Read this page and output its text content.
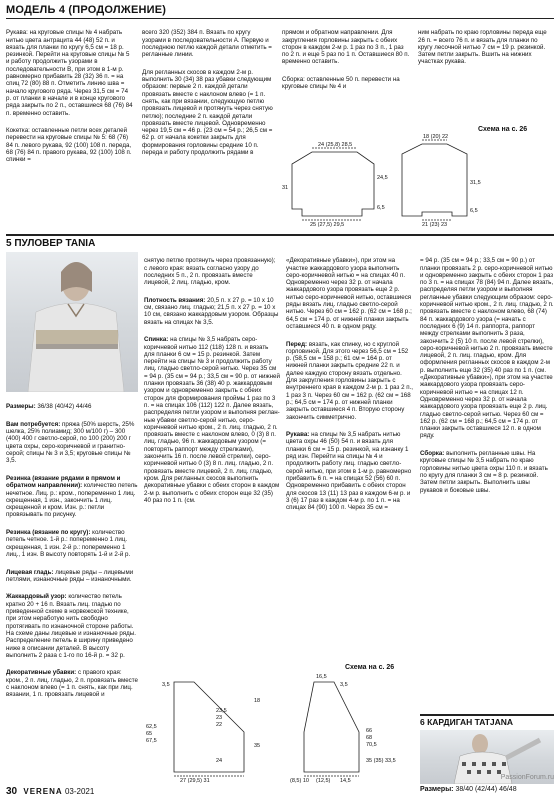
МОДЕЛЬ 4 (ПРОДОЛЖЕНИЕ)

Рукава: на круговые спицы № 4 набрать нитью цвета антрацита 44 (48) 52 п. и вязать для планки по кругу 6,5 см = 18 р. резинкой. Перейти на круговые спицы № 5 и работу продолжить узорами в последовательности В, при этом в 1-м р. равномерно прибавить 28 (32) 36 п. = на спиц 72 (80) 88 п. Отметить линию шва = начало кругового ряда. Через 31,5 см = 74 р. от планки в начале и в конце кругового ряда закрыть по 2 п., оставшиеся 68 (76) 84 п. временно оставить.

Кокетка: оставленные петли всех деталей перевести на круговые спицы № 5: 68 (76) 84 п. левого рукава, 92 (100) 108 п. переда, 68 (76) 84 п. правого рукава, 92 (100) 108 п. спинки =

всего 320 (352) 384 п. Вязать по кругу узорами в последовательности А. Первую и последнюю петлю каждой детали отметить = регланные линии.

Для регланных скосов в каждом 2-м р. выполнить 30 (34) 38 раз убавки следующим образом: первые 2 п. каждой детали провязать вместе с наклоном влево (= 1 п. снять, как при вязании, следующую петлю провязать лицевой и протянуть через снятую петлю); последние 2 п. каждой детали провязать вместе лицевой. Одновременно через 19,5 см = 46 р. (23 см = 54 р.; 26,5 см = 62 р. от начала кокетки закрыть для формирования горловины средние 10 п. переда и работу продолжить рядами в

прямом и обратном направлении. Для закругления горловины закрыть с обеих сторон в каждом 2-м р. 1 раз по 3 п., 1 раз по 2 п. и еще 5 раз по 1 п. Оставшиеся 80 п. временно оставить.

Сборка: оставленные 50 п. перевести на круговые спицы № 4 и

ним набрать по краю горловины переда еще 26 п. = всего 76 п. и вязать для планки по кругу лесочной нитью 7 см = 19 р. резинкой. Затем петли закрыть. Вшить на нижних участках рукава.

Схема на с. 26
24 (25,8) 28,5
31
24,5
6,5
25 (27,5) 29,5
18 (20) 22
31,5
6,5
21 (23) 23
5 ПУЛОВЕР TANIA

Размеры: 36/38 (40/42) 44/46

Вам потребуется: пряжа (50% шерсть, 25% шелка, 25% полиамид; 300 м/100 г) – 300 (400) 400 г светло-серой, по 100 (200) 200 г цвета охры, серо-коричневой и гранитно-серой; спицы № 3 и 3,5; круговые спицы № 3,5.

Резинка (вязание рядами в прямом и обратном направлении): количество петель нечетное. Лиц. р.: кром., попеременно 1 лиц. скрещенная, 1 изн., закончить 1 лиц. скрещенной и кром. Изн. р.: петли провязывать по рисунку.

Резинка (вязание по кругу): количество петель четное. 1-й р.: попеременно 1 лиц. скрещенная, 1 изн. 2-й р.: попеременно 1 лиц., 1 изн. В высоту повторять 1-й и 2-й р.

Лицевая гладь: лицевые ряды – лицевыми петлями, изнаночные ряды – изнаночными.

Жаккардовый узор: количество петель кратно 20 + 16 п. Вязать лиц. гладью по приведенной схеме в норвежской технике, при этом неработую нить свободно протягивать по изнаночной стороне работы. На схеме даны лицевые и изнаночные ряды. Распределение петель в ширину приведено ниже в описании деталей. В высоту выполнить 2 раза с 1-го по 16-й р. = 32 р.

Декоративные убавки: с правого края: кром., 2 п. лиц. гладью, 2 п. провязать вместе с наклоном влево (= 1 п. снять, как при лиц. вязании, 1 п. провязать лицевой и

снятую петлю протянуть через провязанную); с левого края: вязать согласно узору до последних 5 п., 2 п. провязать вместе лицевой, 2 лиц. гладью, кром.

Плотность вязания: 20,5 п. х 27 р. = 10 х 10 см, связано лиц. гладью; 21,5 п. х 27 р. = 10 х 10 см, связано жаккардовым узором. Образцы вязать на спицах № 3,5.

Спинка: на спицы № 3,5 набрать серо-коричневой нитью 112 (118) 128 п. и вязать для планки 6 см = 15 р. резинкой. Затем перейти на спицы № 3 и продолжить работу лиц. гладью светло-серой нитью. Через 35 см = 94 р. (35 см = 94 р.; 33,5 см = 90 р. от нижней планки провязать 36 (38) 40 р. жаккардовым узором и одновременно закрыть с обеих сторон для формирования проймы 1 раз по 3 п. = на спицах 106 (112) 122 п. Далее вязать, распределяя петли узором и выполняя регланные убавки светло-серой нитью, серо-коричневой нитью кром., 2 п. лиц. гладью, 2 п. провязать вместе с наклоном влево, 0 (3) 8 п. лиц. гладью, 96 п. жаккардовым узором (= повторять раппорт между стрелками), закончить 16 п. после левой стрелки), серо-коричневой нитью 0 (3) 8 п. лиц. гладью, 2 п. провязать вместе лицевой, 2 п. лиц. гладью, кром. Для регланных скосов выполнить декоративные убавки с обеих сторон в каждом 2-м р. выполнить с обеих сторон еще 32 (35) 40 раз по 1 п. (см.

«Декоративные убавки»), при этом на участке жаккардового узора выполнить серо-коричневой нитью = на спицах 40 п. Одновременно через 32 р. от начала жаккардового узора провязать еще 2 р. нитью серо-коричневой нитью, оставшиеся ряды вязать лиц. гладью светло-серой нитью. Через 60 см = 162 р. (62 см = 168 р.; 64,5 см = 174 р. от нижней планки закрыть оставшиеся 40 п. в одном ряду.

Перед: вязать, как спинку, но с круглой горловиной. Для этого через 56,5 см = 152 р. (58,5 см = 158 р.; 61 см = 164 р. от нижней планки закрыть средние 22 п. и далее каждую сторону вязать отдельно. Для закругления горловины закрыть с внутреннего края в каждом 2-м р. 1 раз 2 п., 1 раз 3 п. Через 60 см = 162 р. (62 см = 168 р.; 64,5 см = 174 р. от нижней планки закрыть оставшиеся 4 п. Вторую сторону закончить симметрично.

Рукава: на спицы № 3,5 набрать нитью цвета охры 46 (50) 54 п. и вязать для планки 6 см = 15 р. резинкой, на изнанку 1 ряд изн. Перейти на спицы № 4 и продолжить работу лиц. гладью светло-серой нитью, при этом в 1-м р. равномерно прибавить 6 п. = на спицах 52 (56) 60 п. Одновременно прибавить с обеих сторон для скосов 13 (11) 13 раз в каждом 6-м р. и 3 (6) 17 раз в каждом 4-м р. по 1 п. = на спицах 84 (90) 100 п. Через 35 см =

= 94 р. (35 см = 94 р.; 33,5 см = 90 р.) от планки провязать 2 р. серо-коричневой нитью и одновременно закрыть с обеих сторон 1 раз по 3 п. = на спицах 78 (84) 94 п. Далее вязать, распределяя петли узором и выполняя регланные убавки следующим образом: серо-коричневой нитью кром., 2 п. лиц. гладью, 2 п. провязать вместе с наклоном влево, 68 (74) 84 п. жаккардового узора (= начать с последних 6 (9) 14 п. раппорта, раппорт между стрелками выполнить 3 раза, закончить 2 (5) 10 п. после левой стрелки), серо-коричневой нитью 2 п. провязать вместе лицевой, 2 п. лиц. гладью, кром. Для оформления регланных скосов в каждом 2-м р. выполнить еще 32 (35) 40 раз по 1 п. (см. «Декоративные убавки»), при этом на участке жаккардового узора провязать серо-коричневой нитью = на спицах 12 п. Одновременно через 32 р. от начала жаккардового узора провязать еще 2 р. лиц. гладью светло-серой нитью. Через 60 см = 162 р. (62 см = 168 р.; 64,5 см = 174 р. от планки закрыть оставшиеся 12 п. в одном ряду.

Сборка: выполнить регланные швы. На круговые спицы № 3,5 набрать по краю горловины нитью цвета охры 110 п. и вязать по кругу для планки 3 см = 8 р. резинкой. Затем петли закрыть. Выполнить швы рукавов и боковые швы.

Схема на с. 26
3,5
62,5
65
67,5
18
35
23,5
23
22
24
27 (29,5) 31
16,5
3,5
66
68
70,5
(8,5) 10 (12,5) 14,5
35 (35) 33,5
6 КАРДИГАН TATJANA
Размеры: 38/40 (42/44) 46/48
30 VERENA 03-2021
PassionForum.ru
